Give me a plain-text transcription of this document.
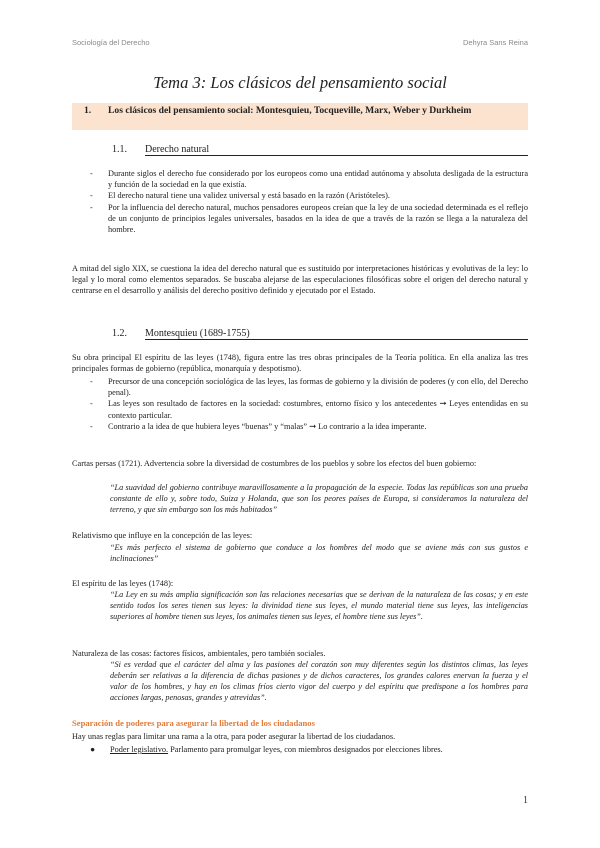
Sociología del Derecho	Dehyra Sans Reina
Tema 3: Los clásicos del pensamiento social
1. Los clásicos del pensamiento social: Montesquieu, Tocqueville, Marx, Weber y Durkheim
1.1. Derecho natural
- Durante siglos el derecho fue considerado por los europeos como una entidad autónoma y absoluta desligada de la estructura y función de la sociedad en la que existía.
- El derecho natural tiene una validez universal y está basado en la razón (Aristóteles).
- Por la influencia del derecho natural, muchos pensadores europeos creían que la ley de una sociedad determinada es el reflejo de un conjunto de principios legales universales, basados en la idea de que a través de la razón se llega a la naturaleza del hombre.
A mitad del siglo XIX, se cuestiona la idea del derecho natural que es sustituido por interpretaciones históricas y evolutivas de la ley: lo legal y lo moral como elementos separados. Se buscaba alejarse de las especulaciones filosóficas sobre el origen del derecho natural y centrarse en el desarrollo y análisis del derecho positivo definido y ejecutado por el Estado.
1.2. Montesquieu (1689-1755)
Su obra principal El espíritu de las leyes (1748), figura entre las tres obras principales de la Teoría política. En ella analiza las tres principales formas de gobierno (república, monarquía y despotismo).
- Precursor de una concepción sociológica de las leyes, las formas de gobierno y la división de poderes (y con ello, del Derecho penal).
- Las leyes son resultado de factores en la sociedad: costumbres, entorno físico y los antecedentes ➞ Leyes entendidas en su contexto particular.
- Contrario a la idea de que hubiera leyes “buenas” y “malas” ➞ Lo contrario a la idea imperante.
Cartas persas (1721). Advertencia sobre la diversidad de costumbres de los pueblos y sobre los efectos del buen gobierno:
“La suavidad del gobierno contribuye maravillosamente a la propagación de la especie. Todas las repúblicas son una prueba constante de ello y, sobre todo, Suiza y Holanda, que son los peores países de Europa, si consideramos la naturaleza del terreno, y que sin embargo son los más habitados”
Relativismo que influye en la concepción de las leyes:
“Es más perfecto el sistema de gobierno que conduce a los hombres del modo que se aviene más con sus gustos e inclinaciones”
El espíritu de las leyes (1748):
“La Ley en su más amplia significación son las relaciones necesarias que se derivan de la naturaleza de las cosas; y en este sentido todos los seres tienen sus leyes: la divinidad tiene sus leyes, el mundo material tiene sus leyes, las inteligencias superiores al hombre tienen sus leyes, los animales tienen sus leyes, el hombre tiene sus leyes”.
Naturaleza de las cosas: factores físicos, ambientales, pero también sociales.
“Si es verdad que el carácter del alma y las pasiones del corazón son muy diferentes según los distintos climas, las leyes deberán ser relativas a la diferencia de dichas pasiones y de dichos caracteres, los grandes calores enervan la fuerza y el valor de los hombres, y hay en los climas fríos cierto vigor del cuerpo y del espíritu que predispone a los hombres para acciones largas, penosas, grandes y atrevidas”.
Separación de poderes para asegurar la libertad de los ciudadanos
Hay unas reglas para limitar una rama a la otra, para poder asegurar la libertad de los ciudadanos.
● Poder legislativo. Parlamento para promulgar leyes, con miembros designados por elecciones libres.
1
